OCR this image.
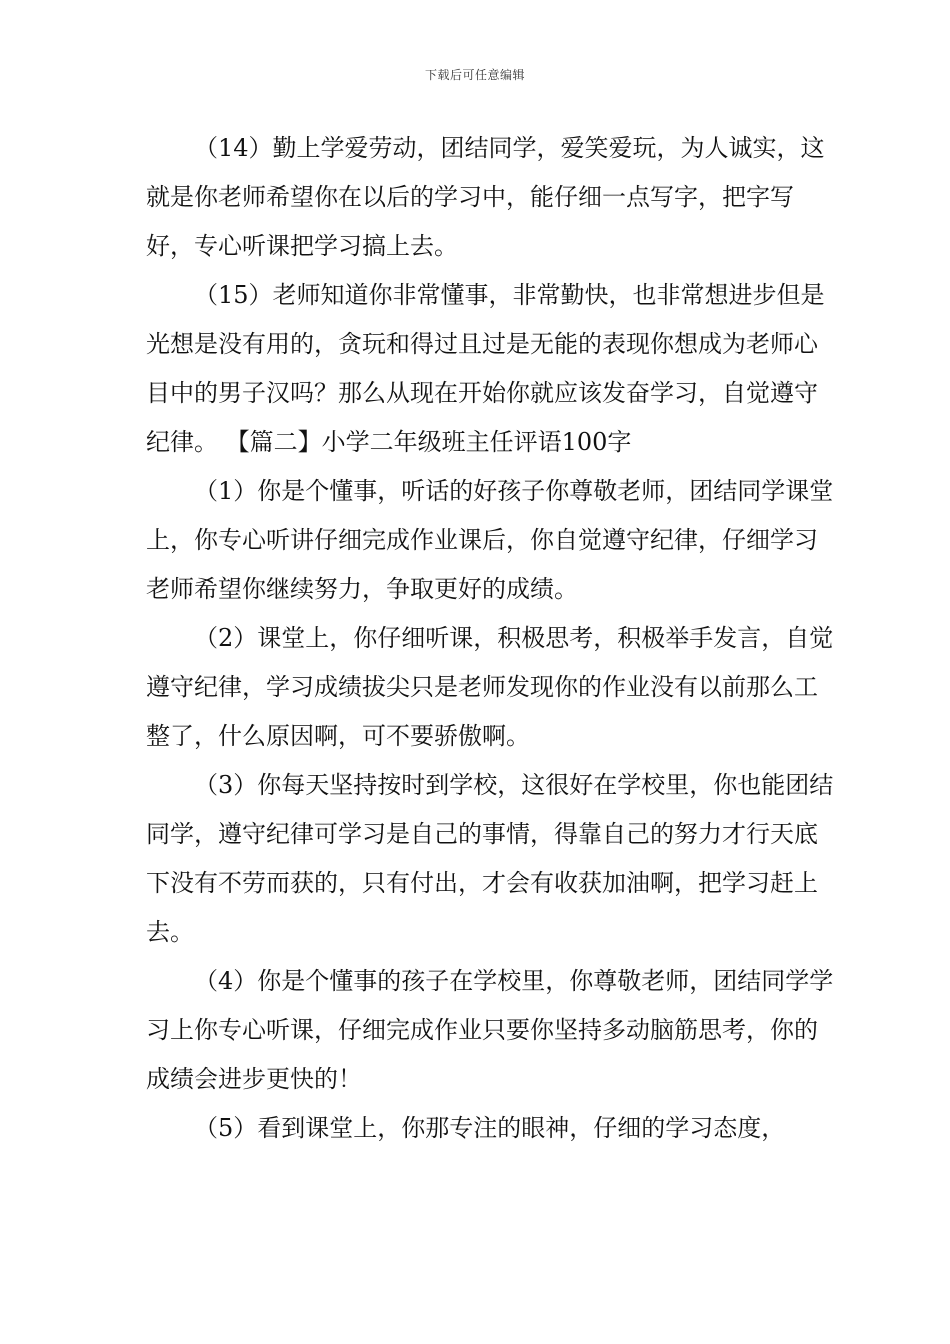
下载后可任意编辑

（14）勤上学爱劳动，团结同学，爱笑爱玩，为人诚实，这就是你老师希望你在以后的学习中，能仔细一点写字，把字写好，专心听课把学习搞上去。

（15）老师知道你非常懂事，非常勤快，也非常想进步但是光想是没有用的，贪玩和得过且过是无能的表现你想成为老师心目中的男子汉吗？那么从现在开始你就应该发奋学习，自觉遵守纪律。 【篇二】小学二年级班主任评语100字

（1）你是个懂事，听话的好孩子你尊敬老师，团结同学课堂上，你专心听讲仔细完成作业课后，你自觉遵守纪律，仔细学习老师希望你继续努力，争取更好的成绩。

（2）课堂上，你仔细听课，积极思考，积极举手发言，自觉遵守纪律，学习成绩拔尖只是老师发现你的作业没有以前那么工整了，什么原因啊，可不要骄傲啊。

（3）你每天坚持按时到学校，这很好在学校里，你也能团结同学，遵守纪律可学习是自己的事情，得靠自己的努力才行天底下没有不劳而获的，只有付出，才会有收获加油啊，把学习赶上去。

（4）你是个懂事的孩子在学校里，你尊敬老师，团结同学学习上你专心听课，仔细完成作业只要你坚持多动脑筋思考，你的成绩会进步更快的！

（5）看到课堂上，你那专注的眼神，仔细的学习态度，
